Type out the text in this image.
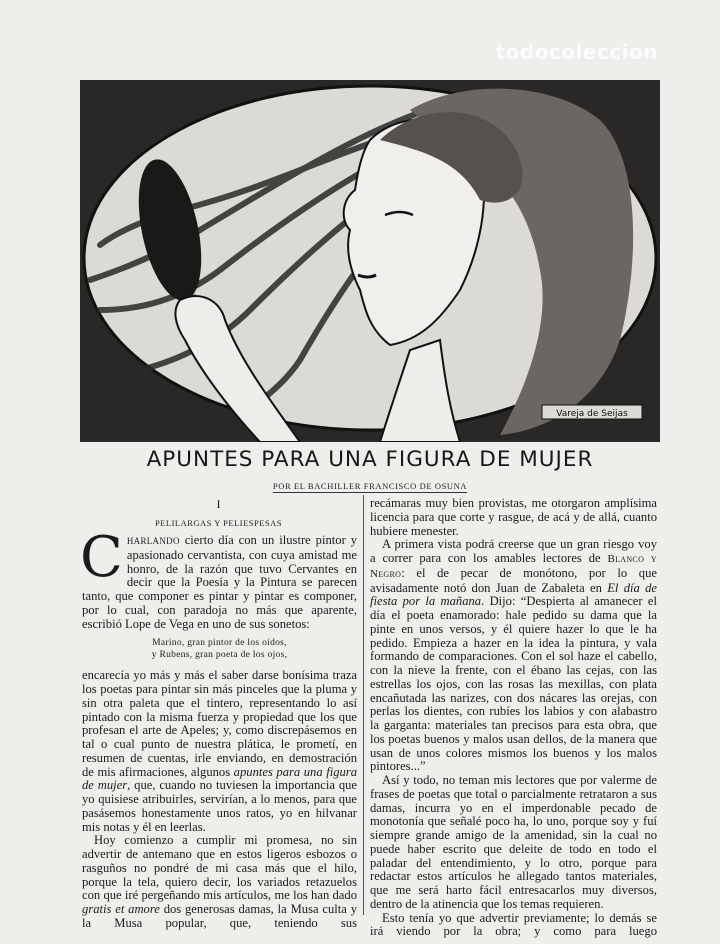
Vareja de Seijas
APUNTES PARA UNA FIGURA DE MUJER
POR EL BACHILLER FRANCISCO DE OSUNA
I
PELILARGAS Y PELIESPESAS

CHARLANDO cierto día con un ilustre pintor y apasionado cervantista, con cuya amistad me honro, de la razón que tuvo Cervantes en decir que la Poesía y la Pintura se parecen tanto, que componer es pintar y pintar es componer, por lo cual, con paradoja no más que aparente, escribió Lope de Vega en uno de sus sonetos:

Marino, gran pintor de los oídos,
y Rubens, gran poeta de los ojos,

encarecía yo más y más el saber darse bonísima traza los poetas para pintar sin más pinceles que la pluma y sin otra paleta que el tintero, representando lo así pintado con la misma fuerza y propiedad que los que profesan el arte de Apeles; y, como discrepásemos en tal o cual punto de nuestra plática, le prometí, en resumen de cuentas, irle enviando, en demostración de mis afirmaciones, algunos apuntes para una figura de mujer, que, cuando no tuviesen la importancia que yo quisiese atribuirles, servirían, a lo menos, para que pasásemos honestamente unos ratos, yo en hilvanar mis notas y él en leerlas.

Hoy comienzo a cumplir mi promesa, no sin advertir de antemano que en estos ligeros esbozos o rasguños no pondré de mi casa más que el hilo, porque la tela, quiero decir, los variados retazuelos con que iré pergeñando mis artículos, me los han dado gratis et amore dos generosas damas, la Musa culta y la Musa popular, que, teniendo sus

recámaras muy bien provistas, me otorgaron amplísima licencia para que corte y rasgue, de acá y de allá, cuanto hubiere menester.

A primera vista podrá creerse que un gran riesgo voy a correr para con los amables lectores de Blanco y Negro: el de pecar de monótono, por lo que avisadamente notó don Juan de Zabaleta en El día de fiesta por la mañana. Dijo: “Despierta al amanecer el día el poeta enamorado: hale pedido su dama que la pinte en unos versos, y él quiere hazer lo que le ha pedido. Empieza a hazer en la idea la pintura, y vala formando de comparaciones. Con el sol haze el cabello, con la nieve la frente, con el ébano las cejas, con las estrellas los ojos, con las rosas las mexillas, con plata encañutada las narizes, con dos nácares las orejas, con perlas los dientes, con rubíes los labios y con alabastro la garganta: materiales tan precisos para esta obra, que los poetas buenos y malos usan dellos, de la manera que usan de unos colores mismos los buenos y los malos pintores...”

Así y todo, no teman mis lectores que por valerme de frases de poetas que total o parcialmente retrataron a sus damas, incurra yo en el imperdonable pecado de monotonía que señalé poco ha, lo uno, porque soy y fuí siempre grande amigo de la amenidad, sin la cual no puede haber escrito que deleite de todo en todo el paladar del entendimiento, y lo otro, porque para redactar estos artículos he allegado tantos materiales, que me será harto fácil entresacarlos muy diversos, dentro de la atinencia que los temas requieren.

Esto tenía yo que advertir previamente; lo demás se irá viendo por la obra; y como para luego

todocoleccion
